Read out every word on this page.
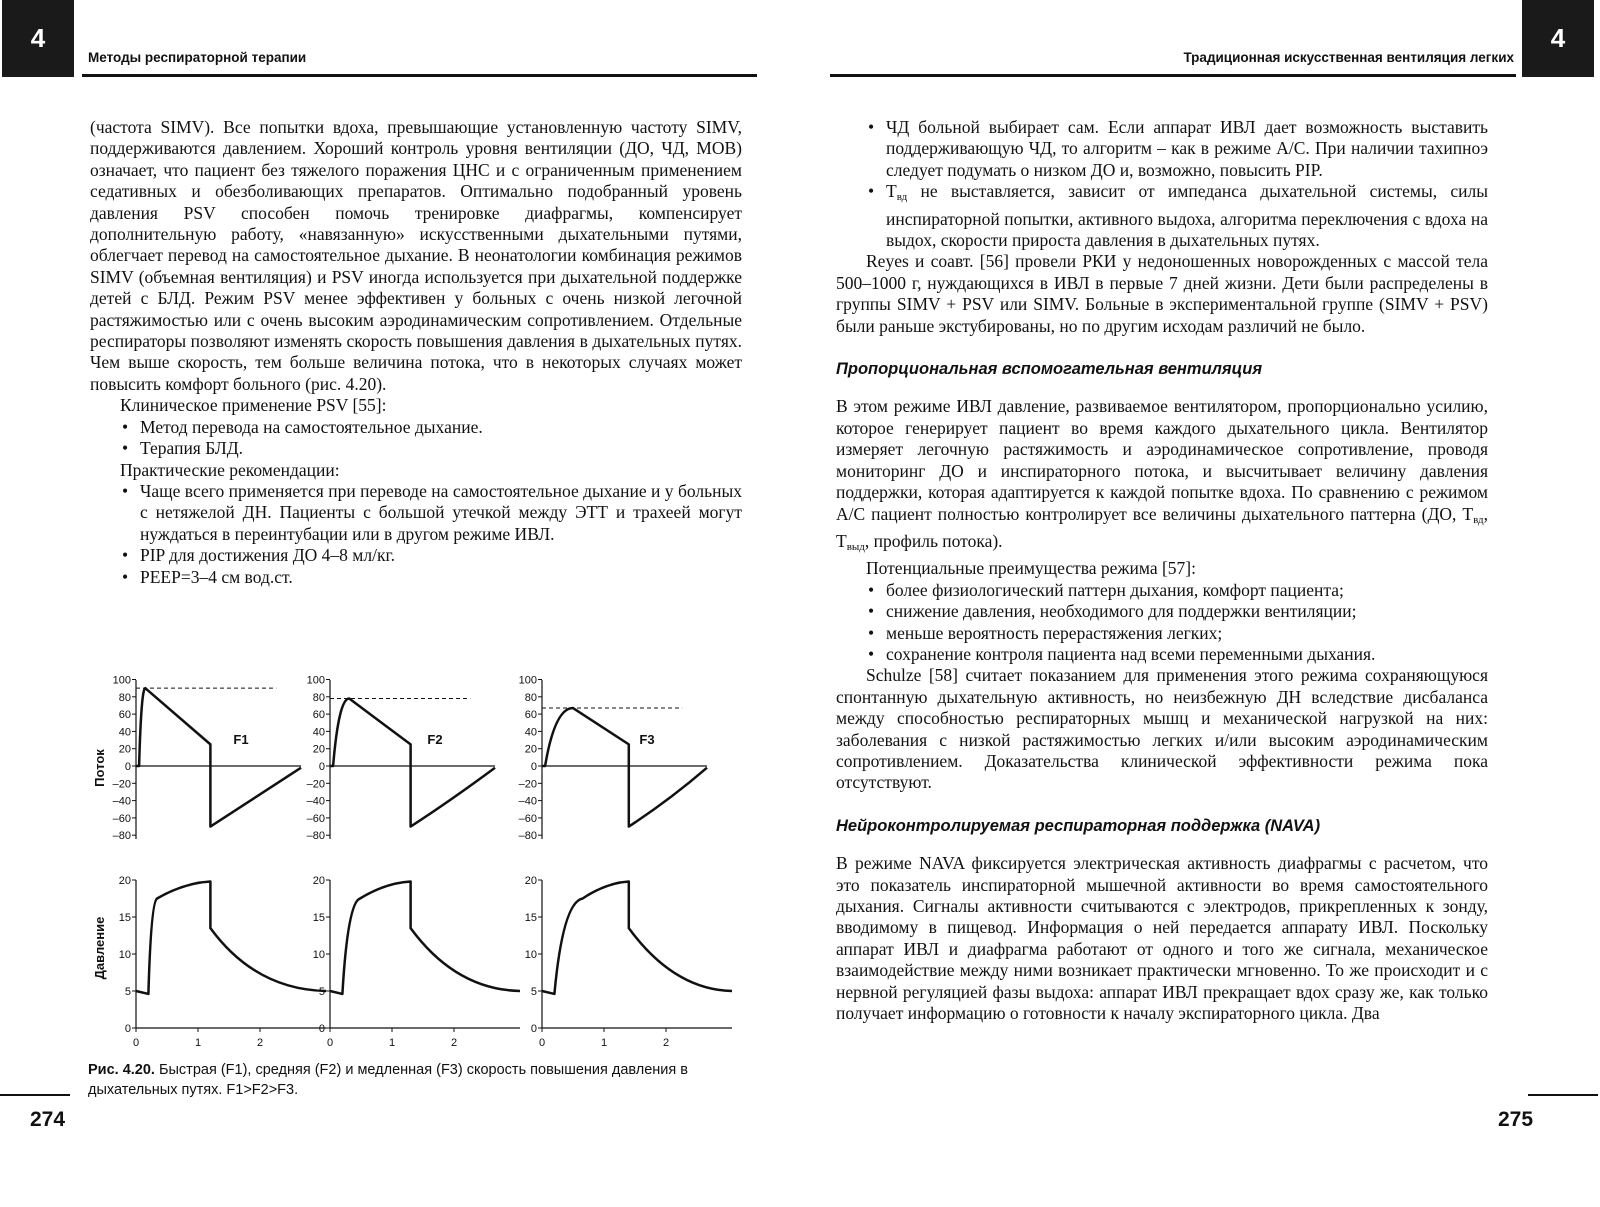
4
Методы респираторной терапии

(частота SIMV). Все попытки вдоха, превышающие установленную частоту SIMV, поддерживаются давлением. Хороший контроль уровня вентиляции (ДО, ЧД, МОВ) означает, что пациент без тяжелого поражения ЦНС и с ограниченным применением седативных и обезболивающих препаратов. Оптимально подобранный уровень давления PSV способен помочь тренировке диафрагмы, компенсирует дополнительную работу, «навязанную» искусственными дыхательными путями, облегчает перевод на самостоятельное дыхание. В неонатологии комбинация режимов SIMV (объемная вентиляция) и PSV иногда используется при дыхательной поддержке детей с БЛД. Режим PSV менее эффективен у больных с очень низкой легочной растяжимостью или с очень высоким аэродинамическим сопротивлением. Отдельные респираторы позволяют изменять скорость повышения давления в дыхательных путях. Чем выше скорость, тем больше величина потока, что в некоторых случаях может повысить комфорт больного (рис. 4.20).

Клиническое применение PSV [55]:

• Метод перевода на самостоятельное дыхание.
• Терапия БЛД.

Практические рекомендации:

• Чаще всего применяется при переводе на самостоятельное дыхание и у больных с нетяжелой ДН. Пациенты с большой утечкой между ЭТТ и трахеей могут нуждаться в переинтубации или в другом режиме ИВЛ.
• PIP для достижения ДО 4–8 мл/кг.
• PEEP=3–4 см вод.ст.
Поток
Давление
100
80
60
40
20
0
–20
–40
–60
–80
F1
20
15
10
5
0
0	1	2
100
80
60
40
20
0
–20
–40
–60
–80
F2
20
15
10
5
0
0	1	2
100
80
60
40
20
0
–20
–40
–60
–80
F3
20
15
10
5
0
0	1	2
Рис. 4.20. Быстрая (F1), средняя (F2) и медленная (F3) скорость повышения давления в дыхательных путях. F1>F2>F3.
274
4
Традиционная искусственная вентиляция легких
• ЧД больной выбирает сам. Если аппарат ИВЛ дает возможность выставить поддерживающую ЧД, то алгоритм – как в режиме A/C. При наличии тахипноэ следует подумать о низком ДО и, возможно, повысить PIP.
• $Т_{вд}$ не выставляется, зависит от импеданса дыхательной системы, силы инспираторной попытки, активного выдоха, алгоритма переключения с вдоха на выдох, скорости прироста давления в дыхательных путях.

Reyes и соавт. [56] провели РКИ у недоношенных новорожденных с массой тела 500–1000 г, нуждающихся в ИВЛ в первые 7 дней жизни. Дети были распределены в группы SIMV + PSV или SIMV. Больные в экспериментальной группе (SIMV + PSV) были раньше экстубированы, но по другим исходам различий не было.

Пропорциональная вспомогательная вентиляция

В этом режиме ИВЛ давление, развиваемое вентилятором, пропорционально усилию, которое генерирует пациент во время каждого дыхательного цикла. Вентилятор измеряет легочную растяжимость и аэродинамическое сопротивление, проводя мониторинг ДО и инспираторного потока, и высчитывает величину давления поддержки, которая адаптируется к каждой попытке вдоха. По сравнению с режимом A/C пациент полностью контролирует все величины дыхательного паттерна (ДО, $Т_{вд}$, $Т_{выд}$, профиль потока).

Потенциальные преимущества режима [57]:

• более физиологический паттерн дыхания, комфорт пациента;
• снижение давления, необходимого для поддержки вентиляции;
• меньше вероятность перерастяжения легких;
• сохранение контроля пациента над всеми переменными дыхания.

Schulze [58] считает показанием для применения этого режима сохраняющуюся спонтанную дыхательную активность, но неизбежную ДН вследствие дисбаланса между способностью респираторных мышц и механической нагрузкой на них: заболевания с низкой растяжимостью легких и/или высоким аэродинамическим сопротивлением. Доказательства клинической эффективности режима пока отсутствуют.

Нейроконтролируемая респираторная поддержка (NAVA)

В режиме NAVA фиксируется электрическая активность диафрагмы с расчетом, что это показатель инспираторной мышечной активности во время самостоятельного дыхания. Сигналы активности считываются с электродов, прикрепленных к зонду, вводимому в пищевод. Информация о ней передается аппарату ИВЛ. Поскольку аппарат ИВЛ и диафрагма работают от одного и того же сигнала, механическое взаимодействие между ними возникает практически мгновенно. То же происходит и с нервной регуляцией фазы выдоха: аппарат ИВЛ прекращает вдох сразу же, как только получает информацию о готовности к началу экспираторного цикла. Два

275
